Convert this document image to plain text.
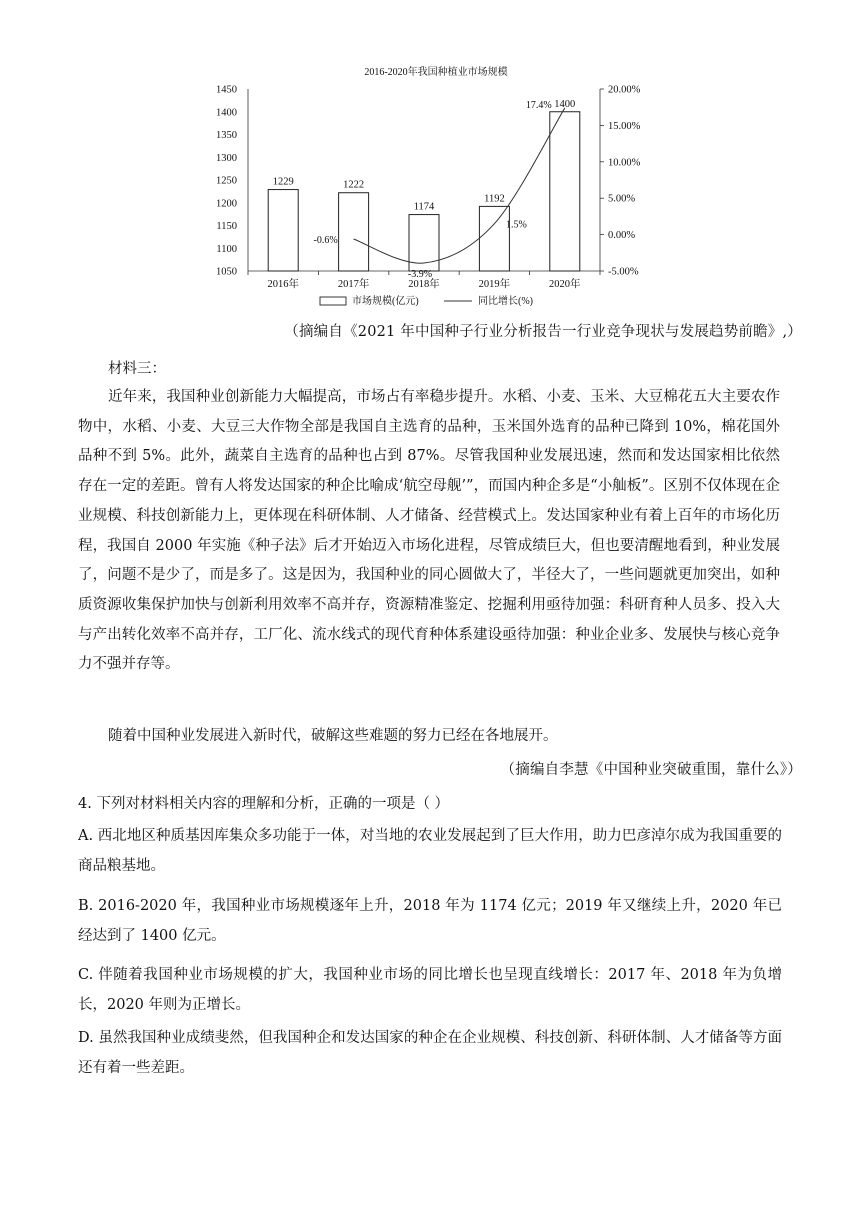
2016-2020年我国种植业市场规模
1050
1100
1150
1200
1250
1300
1350
1400
1450
-5.00%
0.00%
5.00%
10.00%
15.00%
20.00%
2016年	2017年	2018年	2019年	2020年
1229	1222
1174
1192
1400
-0.6%
-3.9%
1.5%
17.4%
市场规模(亿元)	同比增长(%)
（摘编自《2021 年中国种子行业分析报告一行业竞争现状与发展趋势前瞻》,）
材料三：

近年来，我国种业创新能力大幅提高，市场占有率稳步提升。水稻、小麦、玉米、大豆棉花五大主要农作物中，水稻、小麦、大豆三大作物全部是我国自主选育的品种，玉米国外选育的品种已降到 10%，棉花国外品种不到 5%。此外，蔬菜自主选育的品种也占到 87%。尽管我国种业发展迅速，然而和发达国家相比依然存在一定的差距。曾有人将发达国家的种企比喻成‘航空母舰’”，而国内种企多是“小舢板”。区别不仅体现在企业规模、科技创新能力上，更体现在科研体制、人才储备、经营模式上。发达国家种业有着上百年的市场化历程，我国自 2000 年实施《种子法》后才开始迈入市场化进程，尽管成绩巨大，但也要清醒地看到，种业发展了，问题不是少了，而是多了。这是因为，我国种业的同心圆做大了，半径大了，一些问题就更加突出，如种质资源收集保护加快与创新利用效率不高并存，资源精准鉴定、挖掘利用亟待加强：科研育种人员多、投入大与产出转化效率不高并存，工厂化、流水线式的现代育种体系建设亟待加强：种业企业多、发展快与核心竞争力不强并存等。

随着中国种业发展进入新时代，破解这些难题的努力已经在各地展开。

（摘编自李慧《中国种业突破重围，靠什么》）

4. 下列对材料相关内容的理解和分析，正确的一项是（ ）

A. 西北地区种质基因库集众多功能于一体，对当地的农业发展起到了巨大作用，助力巴彦淖尔成为我国重要的商品粮基地。

B. 2016-2020 年，我国种业市场规模逐年上升，2018 年为 1174 亿元；2019 年又继续上升，2020 年已经达到了 1400 亿元。

C. 伴随着我国种业市场规模的扩大，我国种业市场的同比增长也呈现直线增长：2017 年、2018 年为负增长，2020 年则为正增长。

D. 虽然我国种业成绩斐然，但我国种企和发达国家的种企在企业规模、科技创新、科研体制、人才储备等方面还有着一些差距。
